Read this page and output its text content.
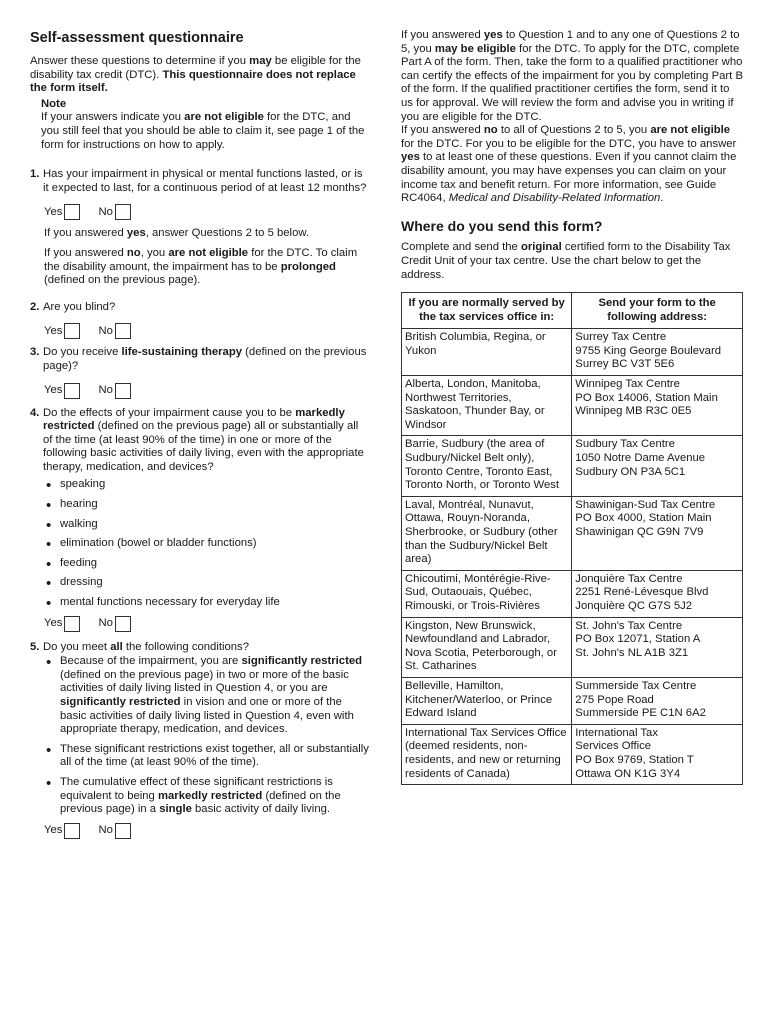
Self-assessment questionnaire

Answer these questions to determine if you may be eligible for the disability tax credit (DTC). This questionnaire does not replace the form itself.

Note

If your answers indicate you are not eligible for the DTC, and you still feel that you should be able to claim it, see page 1 of the form for instructions on how to apply.

1. Has your impairment in physical or mental functions lasted, or is it expected to last, for a continuous period of at least 12 months?

Yes	No

If you answered yes, answer Questions 2 to 5 below.

If you answered no, you are not eligible for the DTC. To claim the disability amount, the impairment has to be prolonged (defined on the previous page).

2. Are you blind?

Yes	No
3. Do you receive life-sustaining therapy (defined on the previous page)?

Yes	No
4. Do the effects of your impairment cause you to be markedly restricted (defined on the previous page) all or substantially all of the time (at least 90% of the time) in one or more of the following basic activities of daily living, even with the appropriate therapy, medication, and devices?

• speaking
• hearing
• walking
• elimination (bowel or bladder functions)
• feeding
• dressing
• mental functions necessary for everyday life
Yes	No
5. Do you meet all the following conditions?

• Because of the impairment, you are significantly restricted (defined on the previous page) in two or more of the basic activities of daily living listed in Question 4, or you are significantly restricted in vision and one or more of the basic activities of daily living listed in Question 4, even with appropriate therapy, medication, and devices.
• These significant restrictions exist together, all or substantially all of the time (at least 90% of the time).
• The cumulative effect of these significant restrictions is equivalent to being markedly restricted (defined on the previous page) in a single basic activity of daily living.
Yes	No

If you answered yes to Question 1 and to any one of Questions 2 to 5, you may be eligible for the DTC. To apply for the DTC, complete Part A of the form. Then, take the form to a qualified practitioner who can certify the effects of the impairment for you by completing Part B of the form. If the qualified practitioner certifies the form, send it to us for approval. We will review the form and advise you in writing if you are eligible for the DTC.

If you answered no to all of Questions 2 to 5, you are not eligible for the DTC. For you to be eligible for the DTC, you have to answer yes to at least one of these questions. Even if you cannot claim the disability amount, you may have expenses you can claim on your income tax and benefit return. For more information, see Guide RC4064, Medical and Disability-Related Information.

Where do you send this form?

Complete and send the original certified form to the Disability Tax Credit Unit of your tax centre. Use the chart below to get the address.

If you are normally served by the tax services office in:	Send your form to the following address:
British Columbia, Regina, or Yukon	Surrey Tax Centre
9755 King George Boulevard
Surrey BC V3T 5E6

Alberta, London, Manitoba, Northwest Territories, Saskatoon, Thunder Bay, or Windsor	Winnipeg Tax Centre
PO Box 14006, Station Main
Winnipeg MB R3C 0E5

Barrie, Sudbury (the area of Sudbury/Nickel Belt only), Toronto Centre, Toronto East, Toronto North, or Toronto West	Sudbury Tax Centre
1050 Notre Dame Avenue
Sudbury ON P3A 5C1

Laval, Montréal, Nunavut, Ottawa, Rouyn-Noranda, Sherbrooke, or Sudbury (other than the Sudbury/Nickel Belt area)	Shawinigan-Sud Tax Centre
PO Box 4000, Station Main
Shawinigan QC G9N 7V9

Chicoutimi, Montérégie-Rive-Sud, Outaouais, Québec, Rimouski, or Trois-Rivières	Jonquière Tax Centre
2251 René-Lévesque Blvd
Jonquière QC G7S 5J2

Kingston, New Brunswick, Newfoundland and Labrador, Nova Scotia, Peterborough, or St. Catharines	St. John's Tax Centre
PO Box 12071, Station A
St. John's NL A1B 3Z1

Belleville, Hamilton, Kitchener/Waterloo, or Prince Edward Island	Summerside Tax Centre
275 Pope Road
Summerside PE C1N 6A2

International Tax Services Office (deemed residents, non-residents, and new or returning residents of Canada)	International Tax
Services Office
PO Box 9769, Station T
Ottawa ON K1G 3Y4
